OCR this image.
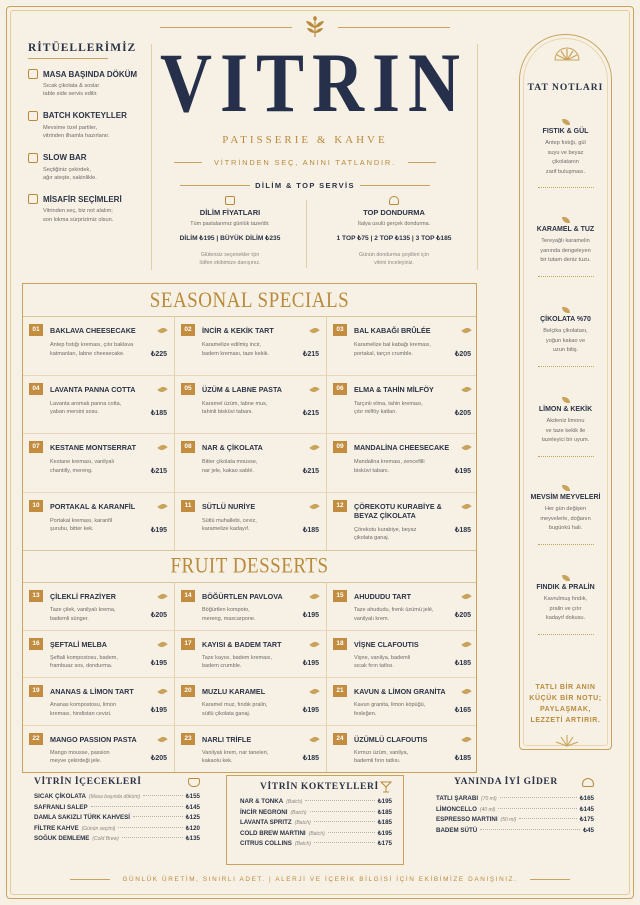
RİTÜELLERİMİZ
MASA BAŞINDA DÖKÜM
Sıcak çikolata & soslar
table side servis edilir.
BATCH KOKTEYLLER
Mevsime özel partiler,
vitrinden ilhamla hazırlanır.
SLOW BAR
Seçtiğiniz çekirdek,
ağır ateşte, sakinlikle.
MİSAFİR SEÇİMLERİ
Vitrinden seç, biz not alalım;
son lokma sürprizimiz olsun.
VITRIN
PATISSERIE & KAHVE
VİTRİNDEN SEÇ, ANINI TATLANDIR.
DİLİM & TOP SERVİS
DİLİM FİYATLARI
Tüm pastalarımız günlük taze/dir.
DİLİM ₺195 | BÜYÜK DİLİM ₺235
Glütensiz seçenekler için
lütfen ekibimize danışınız.
TOP DONDURMA
İtalya usulü gerçek dondurma.
1 TOP ₺75 | 2 TOP ₺135 | 3 TOP ₺185
Günün dondurma çeşitleri için
vitrini inceleyiniz.
TAT NOTLARI
FISTIK & GÜL
Antep fıstığı, gül
suyu ve beyaz
çikolatanın
zarif buluşması.
KARAMEL & TUZ
Tereyağlı karamelin
yanında dengeleyen
bir tutam deniz tuzu.
ÇİKOLATA %70
Belçika çikolatası,
yoğun kakao ve
uzun bitiş.
LİMON & KEKİK
Akdeniz limonu
ve taze kekik ile
tazeleyici bir uyum.
MEVSİM MEYVELERİ
Her gün değişen
meyvelerle, doğanın
bugünkü hali.
FINDIK & PRALİN
Kavrulmuş fındık,
pralin ve çıtır
kadayıf dokusu.
TATLI BİR ANIN
KÜÇÜK BİR NOTU;
PAYLAŞMAK,
LEZZETİ ARTIRIR.
SEASONAL SPECIALS
01	BAKLAVA CHEESECAKE
Antep fıstığı kreması, çıtır baklava
katmanları, labne cheesecake.	₺225
02	İNCİR & KEKİK TART
Karamelize edilmiş incir,
badem kreması, taze kekik.	₺215
03	BAL KABAĞI BRÛLÉE
Karamelize bal kabağı kreması,
portakal, tarçın crumble.	₺205
04	LAVANTA PANNA COTTA
Lavanta aromalı panna cotta,
yaban mersini sosu.	₺185
05	ÜZÜM & LABNE PASTA
Karamel üzüm, labne mus,
tahinli bisküvi tabanı.	₺215
06	ELMA & TAHİN MİLFÖY
Tarçınlı elma, tahin kreması,
çıtır milföy katları.	₺205
07	KESTANE MONTSERRAT
Kestane kreması, vanilyalı
chantilly, mereng.	₺215
08	NAR & ÇİKOLATA
Bitter çikolata mousse,
nar jele, kakao sablé.	₺215
09	MANDALİNA CHEESECAKE
Mandalina kreması, zencefilli
bisküvi tabanı.	₺195
10	PORTAKAL & KARANFİL
Portakal kreması, karanfil
şurubu, bitter kek.	₺195
11	SÜTLÜ NURİYE
Sütlü muhallebi, ceviz,
karamelize kadayıf.	₺185
12	ÇÖREKOTU KURABİYE &
BEYAZ ÇİKOLATA
Çörekotu kurabiye, beyaz
çikolata ganaj.
₺185
FRUIT DESSERTS
13	ÇİLEKLİ FRAZİYER
Taze çilek, vanilyalı krema,
bademli sünger.	₺205
14	BÖĞÜRTLEN PAVLOVA
Böğürtlen kompoto,
mereng, mascarpone.	₺195
15	AHUDUDU TART
Taze ahududu, frenk üzümü jelé,
vanilyalı krem.	₺205
16	ŞEFTALİ MELBA
Şeftali kompostosu, badem,
frambuaz sos, dondurma.	₺195
17	KAYISI & BADEM TART
Taze kayısı, badem kreması,
badem crumble.	₺195
18	VİŞNE CLAFOUTIS
Vişne, vanilya, bademli
sıcak fırın tatlısı.	₺185
19	ANANAS & LİMON TART
Ananas kompostosu, limon
kreması, hindistan cevizi.	₺195
20	MUZLU KARAMEL
Karamel muz, fındık pralin,
sütlü çikolata ganaj.	₺195
21	KAVUN & LİMON GRANİTA
Kavun granita, limon köpüğü,
fesleğen.	₺165
22	MANGO PASSION PASTA
Mango mousse, passion
meyve çekirdeği jele.	₺205
23	NARLI TRİFLE
Vanilyalı krem, nar taneleri,
kakaolu kek.	₺185
24	ÜZÜMLÜ CLAFOUTIS
Kırmızı üzüm, vanilya,
bademli fırın tatlısı.	₺185
VİTRİN İÇECEKLERİ
SICAK ÇİKOLATA (Masa başında döküm)	₺155
SAFRANLI SALEP	₺145
DAMLA SAKIZLI TÜRK KAHVESİ	₺125
FİLTRE KAHVE (Günün seçimi)	₺120
SOĞUK DEMLEME (Cold Brew)	₺135
VİTRİN KOKTEYLLERİ
NAR & TONKA (Batch)	₺195
İNCİR NEGRONI (Batch)	₺185
LAVANTA SPRITZ (Batch)	₺185
COLD BREW MARTINI (Batch)	₺195
CITRUS COLLINS (Batch)	₺175
YANINDA İYİ GİDER
TATLI ŞARABI (70 ml)	₺165
LİMONCELLO (40 ml)	₺145
ESPRESSO MARTINI (50 ml)	₺175
BADEM SÜTÜ	₺45
GÜNLÜK ÜRETİM, SINIRLI ADET. | ALERJİ VE İÇERİK BİLGİSİ İÇİN EKİBİMİZE DANIŞINIZ.
